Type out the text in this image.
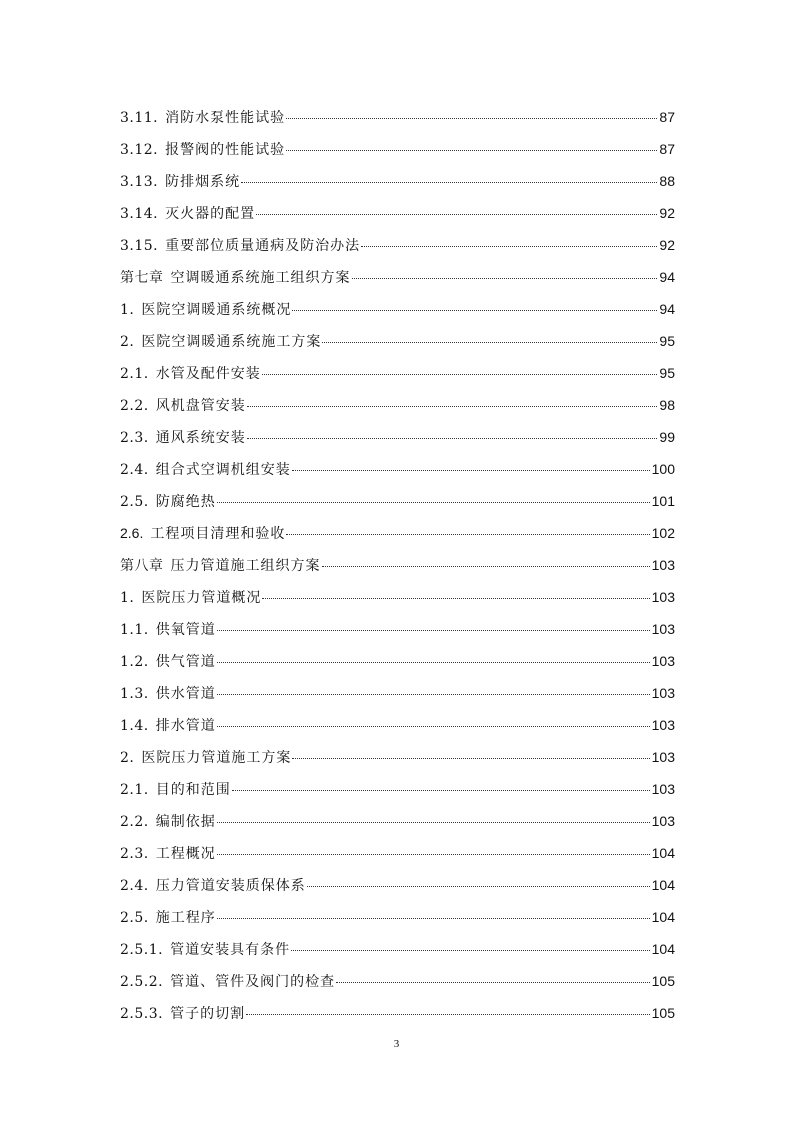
3.11. 消防水泵性能试验	87
3.12. 报警阀的性能试验	87
3.13. 防排烟系统	88
3.14. 灭火器的配置	92
3.15. 重要部位质量通病及防治办法	92
第七章 空调暖通系统施工组织方案	94
1. 医院空调暖通系统概况	94
2. 医院空调暖通系统施工方案	95
2.1. 水管及配件安装	95
2.2. 风机盘管安装	98
2.3. 通风系统安装	99
2.4. 组合式空调机组安装	100
2.5. 防腐绝热	101
2.6. 工程项目清理和验收	102
第八章 压力管道施工组织方案	103
1. 医院压力管道概况	103
1.1. 供氧管道	103
1.2. 供气管道	103
1.3. 供水管道	103
1.4. 排水管道	103
2. 医院压力管道施工方案	103
2.1. 目的和范围	103
2.2. 编制依据	103
2.3. 工程概况	104
2.4. 压力管道安装质保体系	104
2.5. 施工程序	104
2.5.1. 管道安装具有条件	104
2.5.2. 管道、管件及阀门的检查	105
2.5.3. 管子的切割	105
3
